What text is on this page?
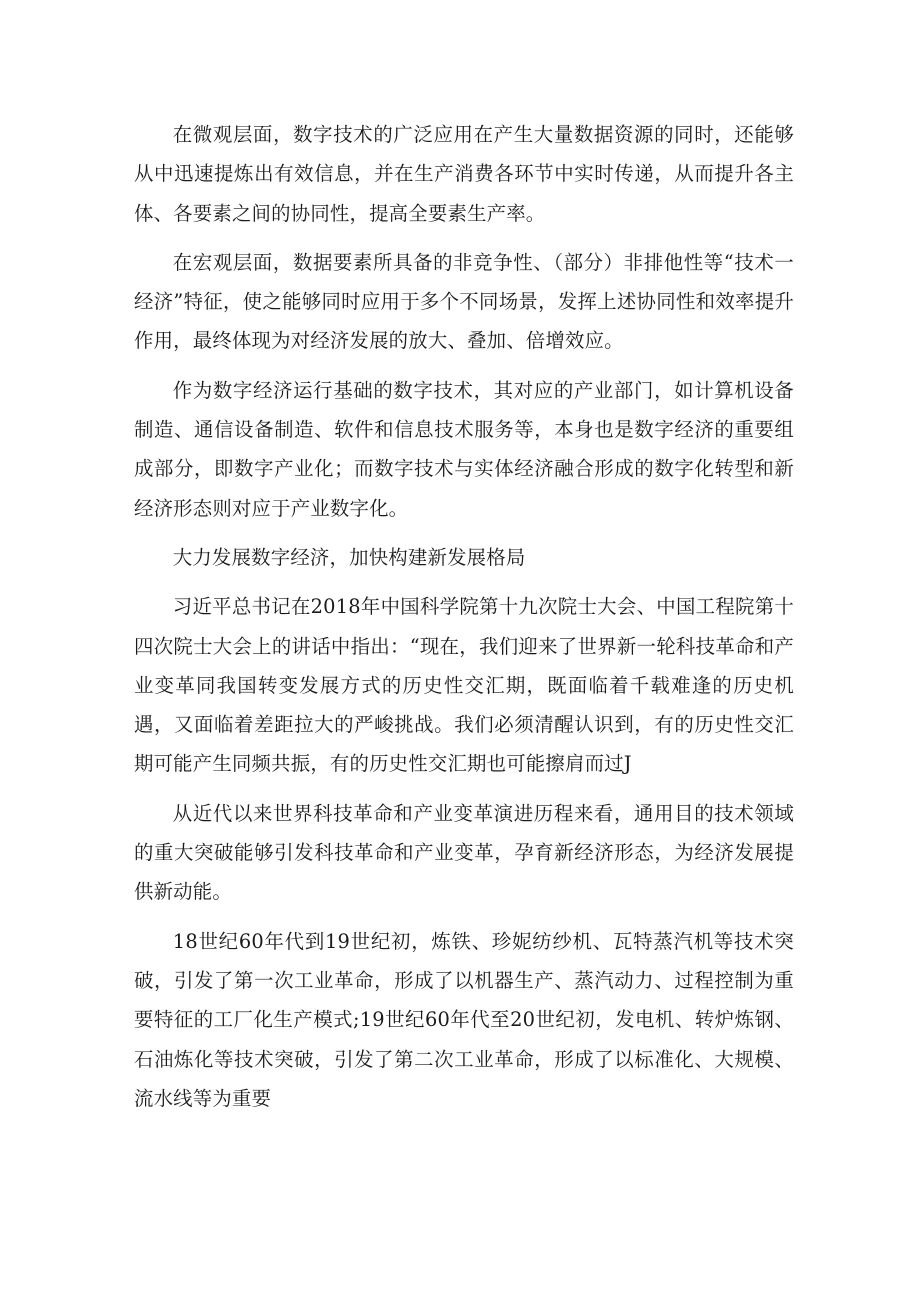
在微观层面，数字技术的广泛应用在产生大量数据资源的同时，还能够从中迅速提炼出有效信息，并在生产消费各环节中实时传递，从而提升各主体、各要素之间的协同性，提高全要素生产率。

在宏观层面，数据要素所具备的非竞争性、（部分）非排他性等“技术一经济”特征，使之能够同时应用于多个不同场景，发挥上述协同性和效率提升作用，最终体现为对经济发展的放大、叠加、倍增效应。

作为数字经济运行基础的数字技术，其对应的产业部门，如计算机设备制造、通信设备制造、软件和信息技术服务等，本身也是数字经济的重要组成部分，即数字产业化；而数字技术与实体经济融合形成的数字化转型和新经济形态则对应于产业数字化。

大力发展数字经济，加快构建新发展格局

习近平总书记在2018年中国科学院第十九次院士大会、中国工程院第十四次院士大会上的讲话中指出：“现在，我们迎来了世界新一轮科技革命和产业变革同我国转变发展方式的历史性交汇期，既面临着千载难逢的历史机遇，又面临着差距拉大的严峻挑战。我们必须清醒认识到，有的历史性交汇期可能产生同频共振，有的历史性交汇期也可能擦肩而过J

从近代以来世界科技革命和产业变革演进历程来看，通用目的技术领域的重大突破能够引发科技革命和产业变革，孕育新经济形态，为经济发展提供新动能。

18世纪60年代到19世纪初，炼铁、珍妮纺纱机、瓦特蒸汽机等技术突破，引发了第一次工业革命，形成了以机器生产、蒸汽动力、过程控制为重要特征的工厂化生产模式;19世纪60年代至20世纪初，发电机、转炉炼钢、石油炼化等技术突破，引发了第二次工业革命，形成了以标准化、大规模、流水线等为重要
